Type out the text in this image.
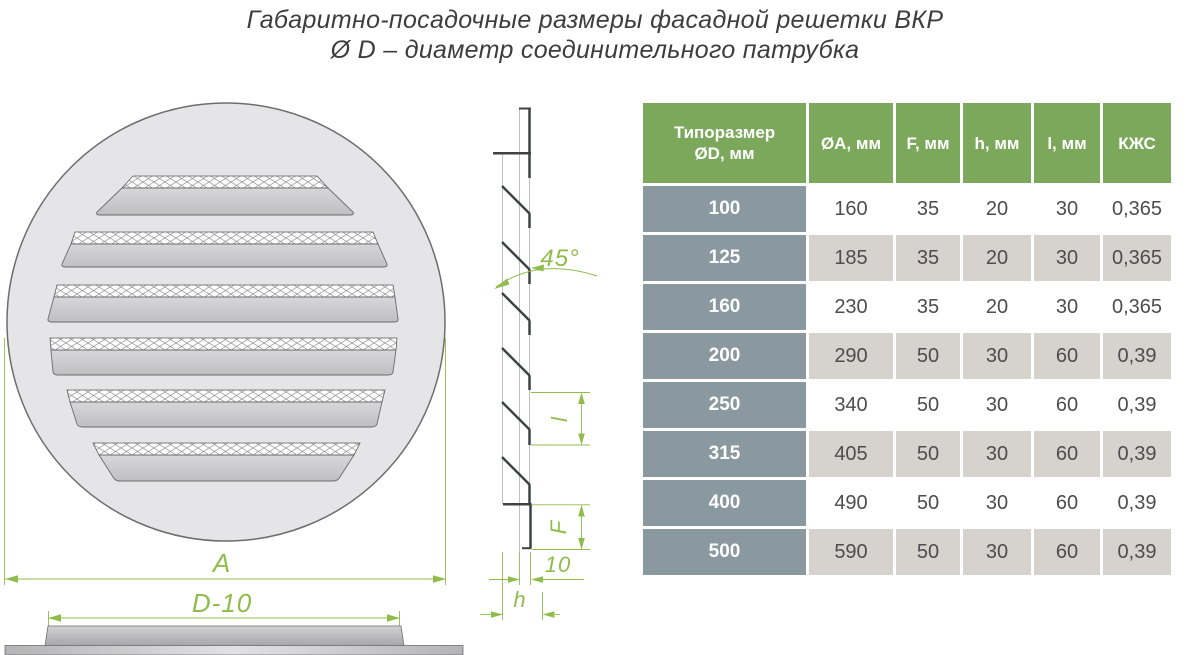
Габаритно-посадочные размеры фасадной решетки ВКР
Ø D – диаметр соединительного патрубка
A
D-10
45°
l
F
10
h
Типоразмер
ØD, мм	ØA, мм	F, мм	h, мм	l, мм	КЖС
100	160	35	20	30	0,365
125	185	35	20	30	0,365
160	230	35	20	30	0,365
200	290	50	30	60	0,39
250	340	50	30	60	0,39
315	405	50	30	60	0,39
400	490	50	30	60	0,39
500	590	50	30	60	0,39
